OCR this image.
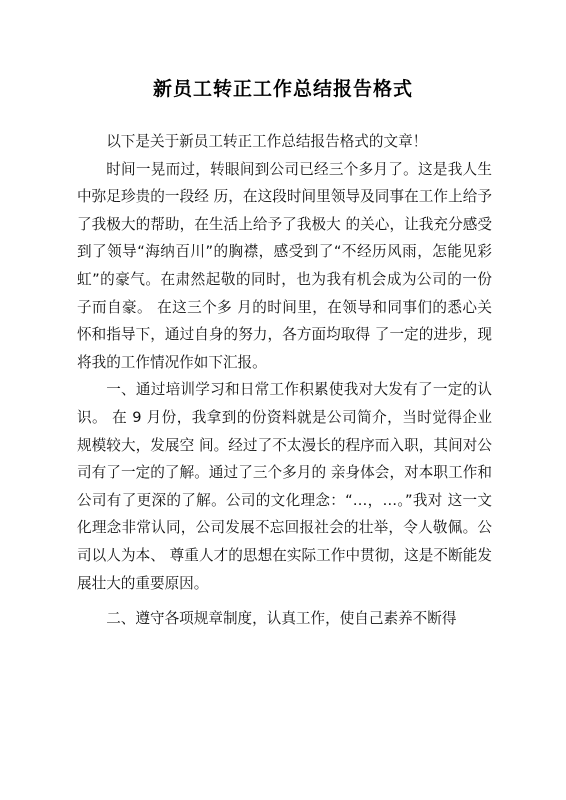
新员工转正工作总结报告格式

以下是关于新员工转正工作总结报告格式的文章！

时间一晃而过，转眼间到公司已经三个多月了。这是我人生中弥足珍贵的一段经 历，在这段时间里领导及同事在工作上给予了我极大的帮助，在生活上给予了我极大 的关心，让我充分感受到了领导“海纳百川”的胸襟，感受到了“不经历风雨，怎能见彩 虹”的豪气。在肃然起敬的同时，也为我有机会成为公司的一份子而自豪。 在这三个多 月的时间里，在领导和同事们的悉心关怀和指导下，通过自身的努力，各方面均取得 了一定的进步，现将我的工作情况作如下汇报。

一、通过培训学习和日常工作积累使我对大发有了一定的认识。 在 9 月份，我拿到的份资料就是公司简介，当时觉得企业规模较大，发展空 间。经过了不太漫长的程序而入职，其间对公司有了一定的了解。通过了三个多月的 亲身体会，对本职工作和公司有了更深的了解。公司的文化理念：“…，…。”我对 这一文化理念非常认同，公司发展不忘回报社会的壮举，令人敬佩。公司以人为本、 尊重人才的思想在实际工作中贯彻，这是不断能发展壮大的重要原因。

二、遵守各项规章制度，认真工作，使自己素养不断得
